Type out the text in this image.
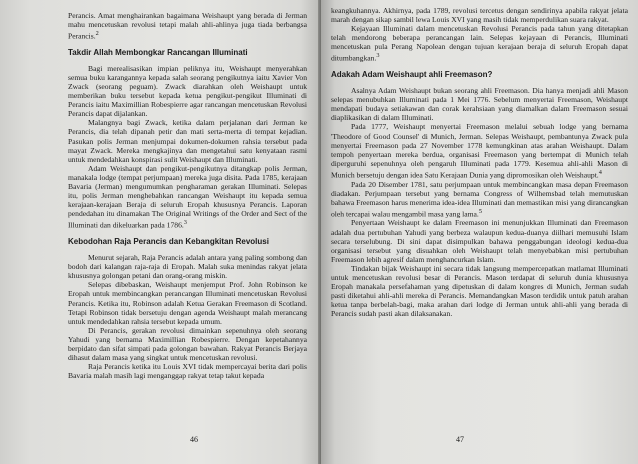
Perancis. Amat menghairankan bagaimana Weishaupt yang berada di Jerman mahu mencetuskan revolusi tetapi malah ahli-ahlinya juga tiada berbangsa Perancis.$^2$

Takdir Allah Membongkar Rancangan Illuminati

Bagi merealisasikan impian peliknya itu, Weishaupt menyerahkan semua buku karangannya kepada salah seorang pengikutnya iaitu Xavier Von Zwack (seorang peguam). Zwack diarahkan oleh Weishaupt untuk memberikan buku tersebut kepada ketua pengikut-pengikut Illuminati di Perancis iaitu Maximillian Robespierre agar rancangan mencetuskan Revolusi Perancis dapat dijalankan.

Malangnya bagi Zwack, ketika dalam perjalanan dari Jerman ke Perancis, dia telah dipanah petir dan mati serta-merta di tempat kejadian. Pasukan polis Jerman menjumpai dokumen-dokumen rahsia tersebut pada mayat Zwack. Mereka mengkajinya dan mengetahui satu kenyataan rasmi untuk mendedahkan konspirasi sulit Weishaupt dan Illuminati.

Adam Weishaupt dan pengikut-pengikutnya ditangkap polis Jerman, manakala lodge (tempat perjumpaan) mereka juga disita. Pada 1785, kerajaan Bavaria (Jerman) mengumumkan pengharaman gerakan Illuminati. Selepas itu, polis Jerman menghebahkan rancangan Weishaupt itu kepada semua kerajaan-kerajaan Beraja di seluruh Eropah khususnya Perancis. Laporan pendedahan itu dinamakan The Original Writings of the Order and Sect of the Illuminati dan dikeluarkan pada 1786.$^3$

Kebodohan Raja Perancis dan Kebangkitan Revolusi

Menurut sejarah, Raja Perancis adalah antara yang paling sombong dan bodoh dari kalangan raja-raja di Eropah. Malah suka menindas rakyat jelata khususnya golongan petani dan orang-orang miskin.

Selepas dibebaskan, Weishaupt menjemput Prof. John Robinson ke Eropah untuk membincangkan perancangan Illuminati mencetuskan Revolusi Perancis. Ketika itu, Robinson adalah Ketua Gerakan Freemason di Scotland. Tetapi Robinson tidak bersetuju dengan agenda Weishaupt malah merancang untuk mendedahkan rahsia tersebut kepada umum.

Di Perancis, gerakan revolusi dimainkan sepenuhnya oleh seorang Yahudi yang bernama Maximillian Robespierre. Dengan kepetahannya berpidato dan sifat simpati pada golongan bawahan. Rakyat Perancis Berjaya dihasut dalam masa yang singkat untuk mencetuskan revolusi.

Raja Perancis ketika itu Louis XVI tidak mempercayai berita dari polis Bavaria malah masih lagi menganggap rakyat tetap takut kepada

46

keangkuhannya. Akhirnya, pada 1789, revolusi tercetus dengan sendirinya apabila rakyat jelata marah dengan sikap sambil lewa Louis XVI yang masih tidak memperdulikan suara rakyat.

Kejayaan Illuminati dalam mencetuskan Revolusi Perancis pada tahun yang ditetapkan telah mendorong beberapa perancangan lain. Selepas kejayaan di Perancis, Illuminati mencetuskan pula Perang Napolean dengan tujuan kerajaan beraja di seluruh Eropah dapat ditumbangkan.$^3$

Adakah Adam Weishaupt ahli Freemason?

Asalnya Adam Weishaupt bukan seorang ahli Freemason. Dia hanya menjadi ahli Mason selepas menubuhkan Illuminati pada 1 Mei 1776. Sebelum menyertai Freemason, Weishaupt mendapati budaya setiakawan dan corak kerahsiaan yang diamalkan dalam Freemason sesuai diaplikasikan di dalam Illuminati.

Pada 1777, Weishaupt menyertai Freemason melalui sebuah lodge yang bernama 'Theodore of Good Counsel' di Munich, Jerman. Selepas Weishaupt, pembantunya Zwack pula menyertai Freemason pada 27 November 1778 kemungkinan atas arahan Weishaupt. Dalam tempoh penyertaan mereka berdua, organisasi Freemason yang bertempat di Munich telah diperguruhi sepenuhnya oleh pengaruh Illuminati pada 1779. Kesemua ahli-ahli Mason di Munich bersetuju dengan idea Satu Kerajaan Dunia yang dipromosikan oleh Weishaupt.$^4$

Pada 20 Disember 1781, satu perjumpaan untuk membincangkan masa depan Freemason diadakan. Perjumpaan tersebut yang bernama Congress of Wilhemsbad telah memutuskan bahawa Freemason harus menerima idea-idea Illuminati dan memastikan misi yang dirancangkan oleh tercapai walau mengambil masa yang lama.$^5$

Penyertaan Weishaupt ke dalam Freemason ini menunjukkan Illuminati dan Freemason adalah dua pertubuhan Yahudi yang berbeza walaupun kedua-duanya diilhari memusuhi Islam secara terselubung. Di sini dapat disimpulkan bahawa penggabungan ideologi kedua-dua organisasi tersebut yang disuahkan oleh Weishaupt telah menyebabkan misi pertubuhan Freemason lebih agresif dalam menghancurkan Islam.

Tindakan bijak Weishaupt ini secara tidak langsung mempercepatkan matlamat Illuminati untuk mencetuskan revolusi besar di Perancis. Mason terdapat di seluruh dunia khususnya Eropah manakala persefahaman yang dipetuskan di dalam kongres di Munich, Jerman sudah pasti diketahui ahli-ahli mereka di Perancis. Memandangkan Mason terdidik untuk patuh arahan ketua tanpa berbelah-bagi, maka arahan dari lodge di Jerman untuk ahli-ahli yang berada di Perancis sudah pasti akan dilaksanakan.

47
